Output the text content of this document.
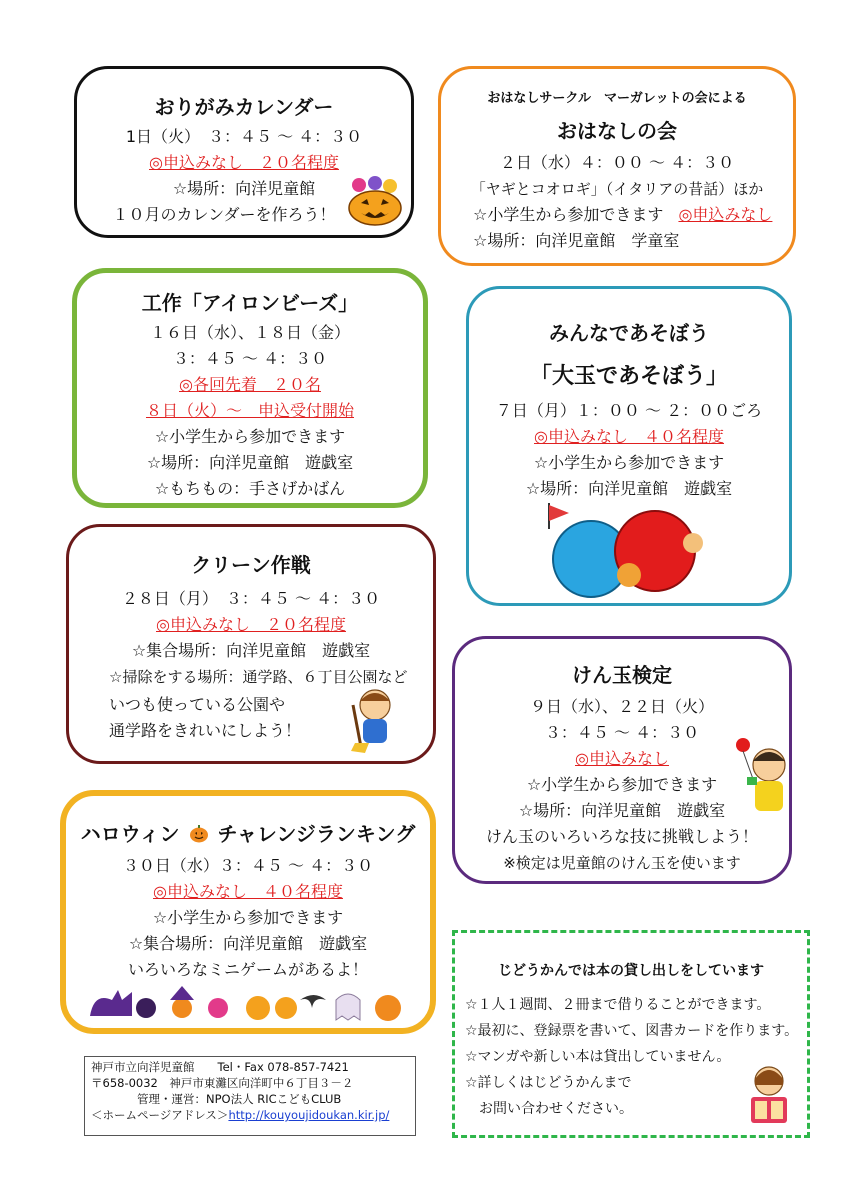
おりがみカレンダー
1日（火）　３：４５ ～ ４：３０
◎申込みなし　２０名程度
☆場所：向洋児童館
１０月のカレンダーを作ろう！
おはなしサークル　マーガレットの会による
おはなしの会
２日（水）４：００ ～ ４：３０
「ヤギとコオロギ」（イタリアの昔話）ほか
☆小学生から参加できます ◎申込みなし
☆場所：向洋児童館　学童室
工作「アイロンビーズ」
１６日（水）、１８日（金）
３：４５ ～ ４：３０
◎各回先着　２０名
８日（火）～　申込受付開始
☆小学生から参加できます
☆場所：向洋児童館　遊戯室
☆もちもの：手さげかばん
みんなであそぼう
「大玉であそぼう」
７日（月）１：００ ～ ２：００ごろ
◎申込みなし　４０名程度
☆小学生から参加できます
☆場所：向洋児童館　遊戯室
クリーン作戦
２８日（月）　３：４５ ～ ４：３０
◎申込みなし　２０名程度
☆集合場所：向洋児童館　遊戯室
☆掃除をする場所：通学路、６丁目公園など
いつも使っている公園や
通学路をきれいにしよう！
けん玉検定
９日（水）、２２日（火）
３：４５ ～ ４：３０
◎申込みなし
☆小学生から参加できます
☆場所：向洋児童館　遊戯室
けん玉のいろいろな技に挑戦しよう！
※検定は児童館のけん玉を使います
ハロウィン チャレンジランキング
３０日（水）３：４５ ～ ４：３０
◎申込みなし　４０名程度
☆小学生から参加できます
☆集合場所：向洋児童館　遊戯室
いろいろなミニゲームがあるよ！	じどうかんでは本の貸し出しをしています
☆１人１週間、２冊まで借りることができます。
☆最初に、登録票を書いて、図書カードを作ります。
☆マンガや新しい本は貸出していません。
☆詳しくはじどうかんまで
　お問い合わせください。
神戸市立向洋児童館　　Tel・Fax 078-857-7421
〒658-0032　神戸市東灘区向洋町中６丁目３－２
管理・運営：NPO法人 RICこどもCLUB
＜ホームページアドレス＞http://kouyoujidoukan.kir.jp/
